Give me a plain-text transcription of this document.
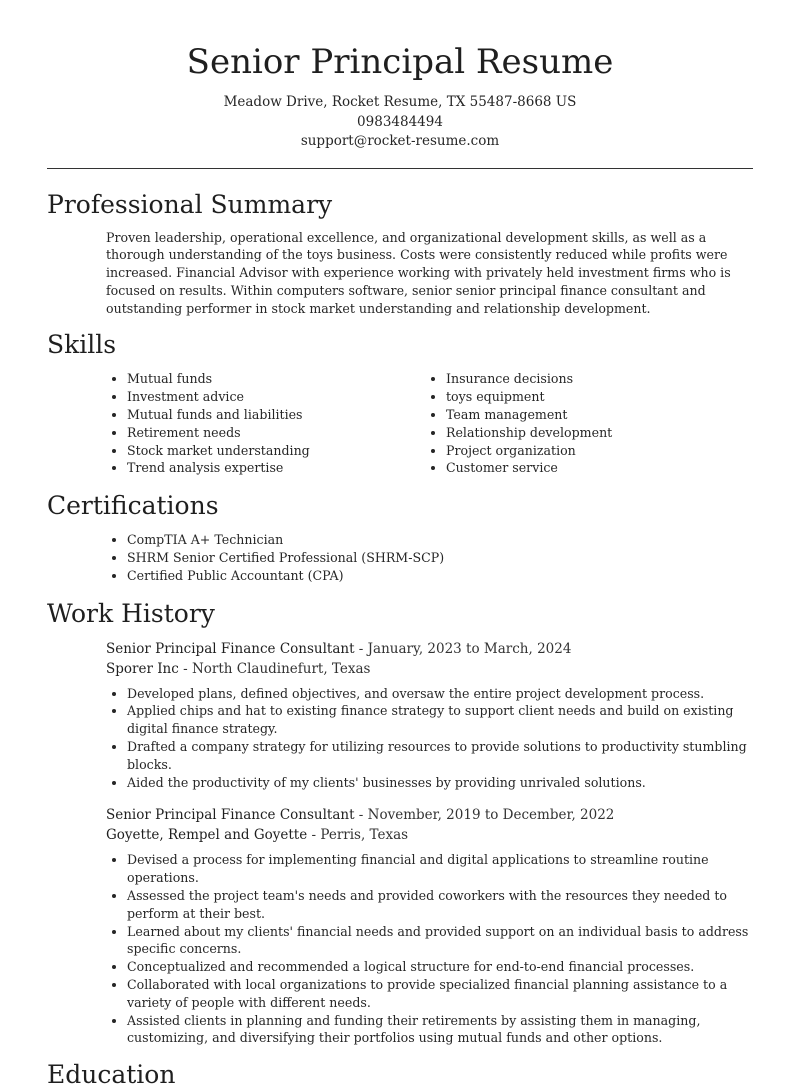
Senior Principal Resume
Meadow Drive, Rocket Resume, TX 55487-8668 US
0983484494
support@rocket-resume.com
Professional Summary

Proven leadership, operational excellence, and organizational development skills, as well as a thorough understanding of the toys business. Costs were consistently reduced while profits were increased. Financial Advisor with experience working with privately held investment firms who is focused on results. Within computers software, senior senior principal finance consultant and outstanding performer in stock market understanding and relationship development.

Skills
• Mutual funds
• Investment advice
• Mutual funds and liabilities
• Retirement needs
• Stock market understanding
• Trend analysis expertise
• Insurance decisions
• toys equipment
• Team management
• Relationship development
• Project organization
• Customer service
Certifications
• CompTIA A+ Technician
• SHRM Senior Certified Professional (SHRM-SCP)
• Certified Public Accountant (CPA)
Work History
Senior Principal Finance Consultant - January, 2023 to March, 2024
Sporer Inc - North Claudinefurt, Texas
• Developed plans, defined objectives, and oversaw the entire project development process.
• Applied chips and hat to existing finance strategy to support client needs and build on existing digital finance strategy.
• Drafted a company strategy for utilizing resources to provide solutions to productivity stumbling blocks.
• Aided the productivity of my clients' businesses by providing unrivaled solutions.
Senior Principal Finance Consultant - November, 2019 to December, 2022
Goyette, Rempel and Goyette - Perris, Texas
• Devised a process for implementing financial and digital applications to streamline routine operations.
• Assessed the project team's needs and provided coworkers with the resources they needed to perform at their best.
• Learned about my clients' financial needs and provided support on an individual basis to address specific concerns.
• Conceptualized and recommended a logical structure for end-to-end financial processes.
• Collaborated with local organizations to provide specialized financial planning assistance to a variety of people with different needs.
• Assisted clients in planning and funding their retirements by assisting them in managing, customizing, and diversifying their portfolios using mutual funds and other options.
Education
